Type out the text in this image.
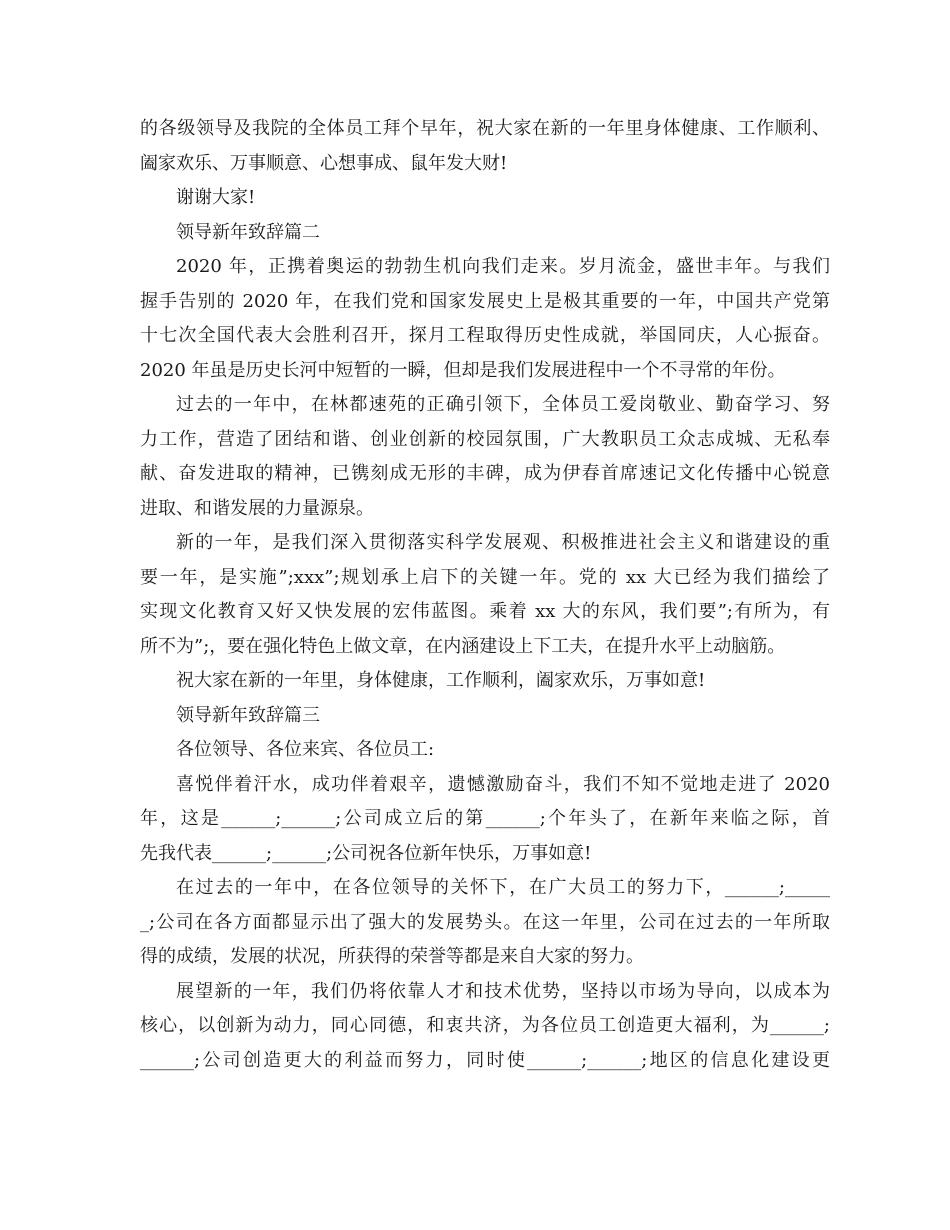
的各级领导及我院的全体员工拜个早年，祝大家在新的一年里身体健康、工作顺利、
阖家欢乐、万事顺意、心想事成、鼠年发大财!
谢谢大家!
领导新年致辞篇二
2020 年，正携着奥运的勃勃生机向我们走来。岁月流金，盛世丰年。与我们
握手告别的 2020 年，在我们党和国家发展史上是极其重要的一年，中国共产党第
十七次全国代表大会胜利召开，探月工程取得历史性成就，举国同庆，人心振奋。
2020 年虽是历史长河中短暂的一瞬，但却是我们发展进程中一个不寻常的年份。
过去的一年中，在林都速苑的正确引领下，全体员工爱岗敬业、勤奋学习、努
力工作，营造了团结和谐、创业创新的校园氛围，广大教职员工众志成城、无私奉
献、奋发进取的精神，已镌刻成无形的丰碑，成为伊春首席速记文化传播中心锐意
进取、和谐发展的力量源泉。
新的一年，是我们深入贯彻落实科学发展观、积极推进社会主义和谐建设的重
要一年，是实施”;xxx”;规划承上启下的关键一年。党的 xx 大已经为我们描绘了
实现文化教育又好又快发展的宏伟蓝图。乘着 xx 大的东风，我们要”;有所为，有
所不为”;，要在强化特色上做文章，在内涵建设上下工夫，在提升水平上动脑筋。
祝大家在新的一年里，身体健康，工作顺利，阖家欢乐，万事如意!
领导新年致辞篇三
各位领导、各位来宾、各位员工:
喜悦伴着汗水，成功伴着艰辛，遗憾激励奋斗，我们不知不觉地走进了 2020
年，这是______;______;公司成立后的第______;个年头了，在新年来临之际，首
先我代表______;______;公司祝各位新年快乐，万事如意!
在过去的一年中，在各位领导的关怀下，在广大员工的努力下，______;_____
_;公司在各方面都显示出了强大的发展势头。在这一年里，公司在过去的一年所取
得的成绩，发展的状况，所获得的荣誉等都是来自大家的努力。
展望新的一年，我们仍将依靠人才和技术优势，坚持以市场为导向，以成本为
核心，以创新为动力，同心同德，和衷共济，为各位员工创造更大福利，为______;
______;公司创造更大的利益而努力，同时使______;______;地区的信息化建设更
